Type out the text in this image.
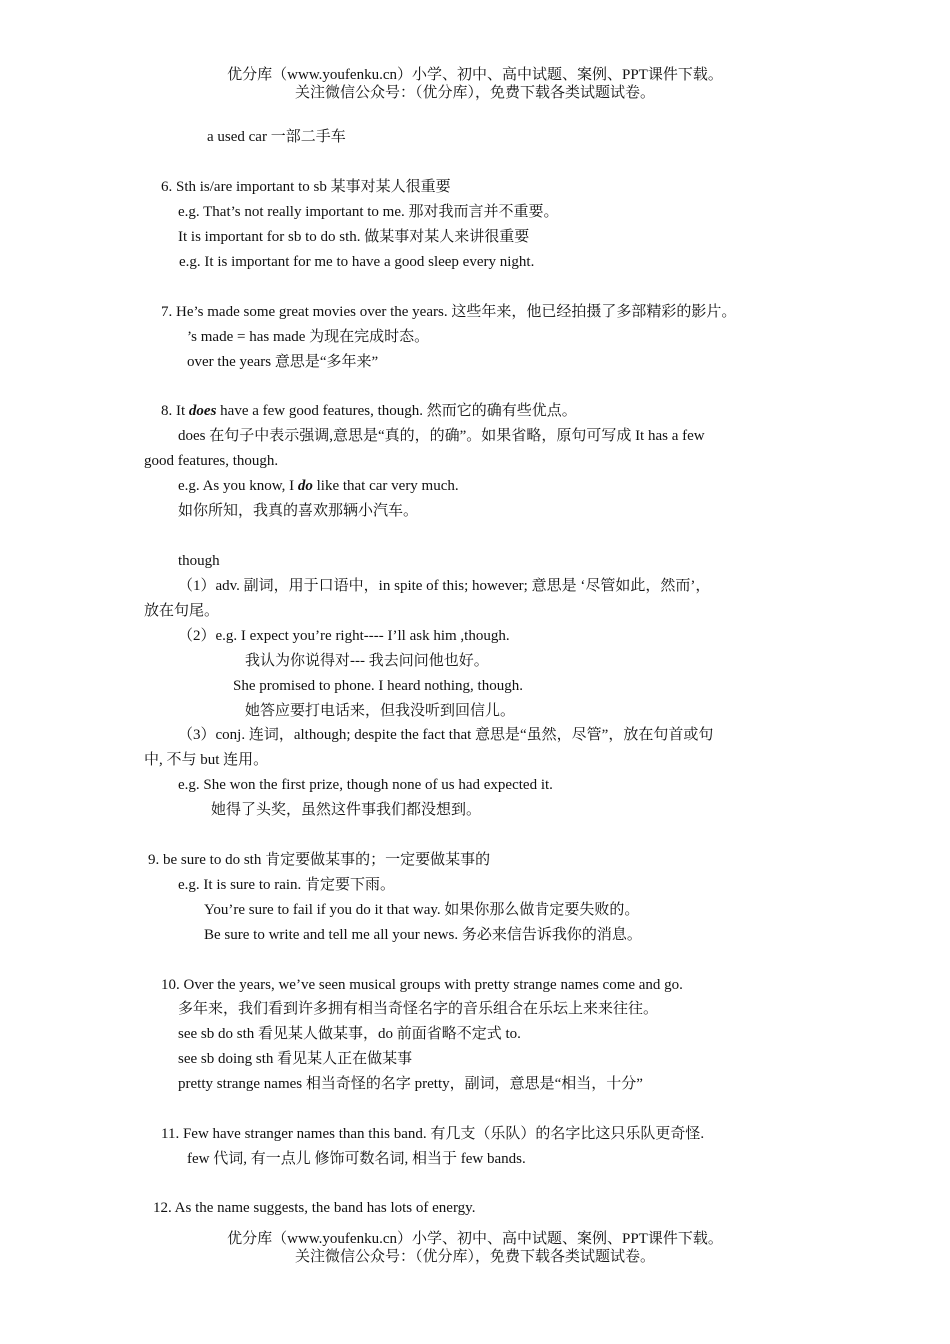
优分库（www.youfenku.cn）小学、初中、高中试题、案例、PPT课件下载。
关注微信公众号：（优分库），免费下载各类试题试卷。
a used car 一部二手车
6. Sth is/are important to sb 某事对某人很重要
e.g. That’s not really important to me. 那对我而言并不重要。
It is important for sb to do sth. 做某事对某人来讲很重要
e.g. It is important for me to have a good sleep every night.
7. He’s made some great movies over the years. 这些年来，他已经拍摄了多部精彩的影片。
’s made = has made 为现在完成时态。
over the years 意思是“多年来”
8. It does have a few good features, though. 然而它的确有些优点。
does 在句子中表示强调,意思是“真的，的确”。如果省略，原句可写成 It has a few
good features, though.
e.g. As you know, I do like that car very much.
如你所知，我真的喜欢那辆小汽车。
though
（1）adv. 副词，用于口语中，in spite of this; however; 意思是 ‘尽管如此，然而’，
放在句尾。
（2）e.g. I expect you’re right---- I’ll ask him ,though.
我认为你说得对--- 我去问问他也好。
She promised to phone. I heard nothing, though.
她答应要打电话来，但我没听到回信儿。
（3）conj. 连词，although; despite the fact that 意思是“虽然，尽管”，放在句首或句
中, 不与 but 连用。
e.g. She won the first prize, though none of us had expected it.
她得了头奖，虽然这件事我们都没想到。
9. be sure to do sth 肯定要做某事的；一定要做某事的
e.g. It is sure to rain. 肯定要下雨。
You’re sure to fail if you do it that way. 如果你那么做肯定要失败的。
Be sure to write and tell me all your news. 务必来信告诉我你的消息。
10. Over the years, we’ve seen musical groups with pretty strange names come and go.
多年来，我们看到许多拥有相当奇怪名字的音乐组合在乐坛上来来往往。
see sb do sth 看见某人做某事，do 前面省略不定式 to.
see sb doing sth 看见某人正在做某事
pretty strange names 相当奇怪的名字 pretty，副词，意思是“相当，十分”
11. Few have stranger names than this band. 有几支（乐队）的名字比这只乐队更奇怪.
few 代词, 有一点儿 修饰可数名词, 相当于 few bands.
12. As the name suggests, the band has lots of energy.
优分库（www.youfenku.cn）小学、初中、高中试题、案例、PPT课件下载。
关注微信公众号：（优分库），免费下载各类试题试卷。
